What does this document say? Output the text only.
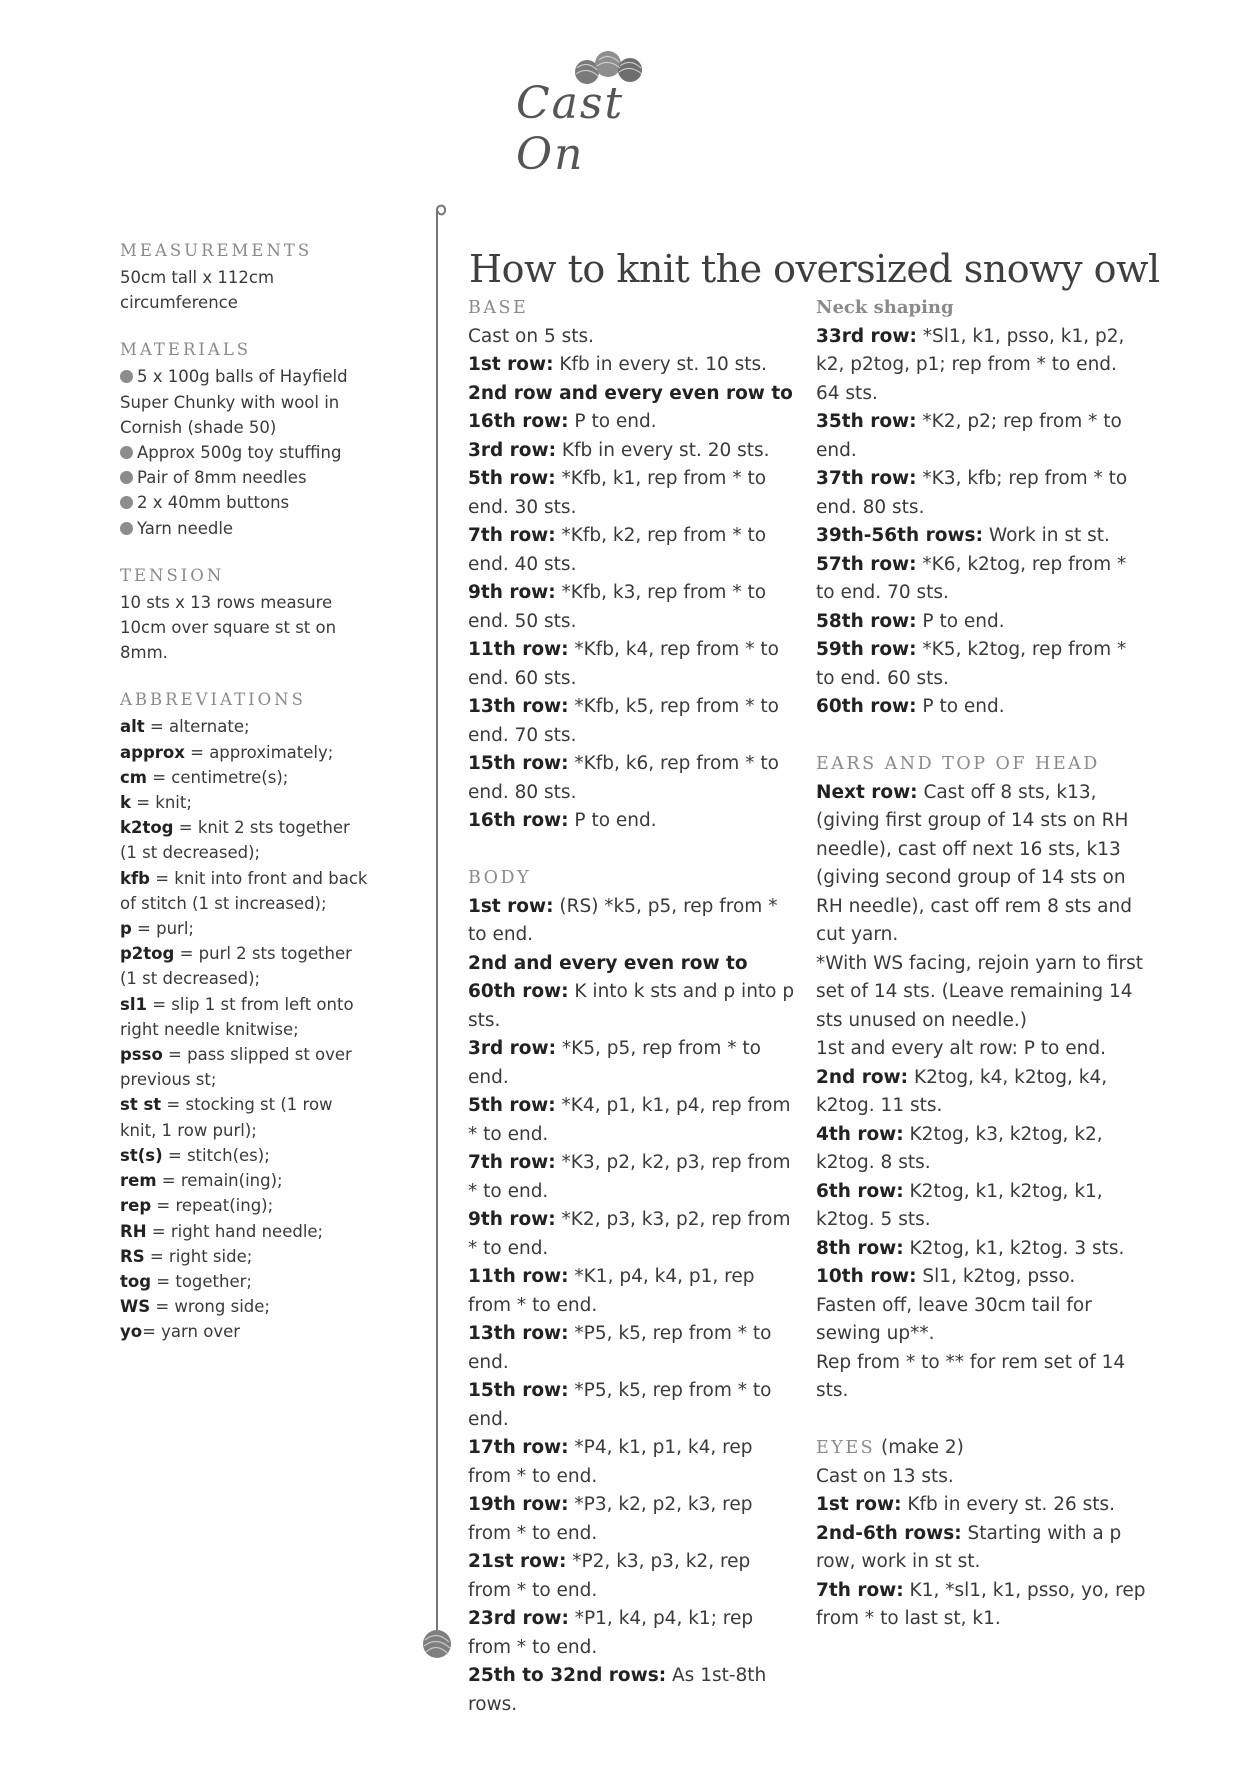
Cast On
MEASUREMENTS
50cm tall x 112cm circumference
MATERIALS
5 x 100g balls of Hayfield Super Chunky with wool in Cornish (shade 50)
Approx 500g toy stuffing
Pair of 8mm needles
2 x 40mm buttons
Yarn needle
TENSION
10 sts x 13 rows measure 10cm over square st st on 8mm.
ABBREVIATIONS
alt = alternate;
approx = approximately;
cm = centimetre(s);
k = knit;
k2tog = knit 2 sts together (1 st decreased);
kfb = knit into front and back of stitch (1 st increased);
p = purl;
p2tog = purl 2 sts together (1 st decreased);
sl1 = slip 1 st from left onto right needle knitwise;
psso = pass slipped st over previous st;
st st = stocking st (1 row knit, 1 row purl);
st(s) = stitch(es);
rem = remain(ing);
rep = repeat(ing);
RH = right hand needle;
RS = right side;
tog = together;
WS = wrong side;
yo= yarn over
How to knit the oversized snowy owl
BASE

Cast on 5 sts.

1st row: Kfb in every st. 10 sts.

2nd row and every even row to 16th row: P to end.

3rd row: Kfb in every st. 20 sts.

5th row: *Kfb, k1, rep from * to end. 30 sts.

7th row: *Kfb, k2, rep from * to end. 40 sts.

9th row: *Kfb, k3, rep from * to end. 50 sts.

11th row: *Kfb, k4, rep from * to end. 60 sts.

13th row: *Kfb, k5, rep from * to end. 70 sts.

15th row: *Kfb, k6, rep from * to end. 80 sts.

16th row: P to end.

BODY

1st row: (RS) *k5, p5, rep from * to end.

2nd and every even row to 60th row: K into k sts and p into p sts.

3rd row: *K5, p5, rep from * to end.

5th row: *K4, p1, k1, p4, rep from * to end.

7th row: *K3, p2, k2, p3, rep from * to end.

9th row: *K2, p3, k3, p2, rep from * to end.

11th row: *K1, p4, k4, p1, rep from * to end.

13th row: *P5, k5, rep from * to end.

15th row: *P5, k5, rep from * to end.

17th row: *P4, k1, p1, k4, rep from * to end.

19th row: *P3, k2, p2, k3, rep from * to end.

21st row: *P2, k3, p3, k2, rep from * to end.

23rd row: *P1, k4, p4, k1; rep from * to end.

25th to 32nd rows: As 1st-8th rows.

Neck shaping

33rd row: *Sl1, k1, psso, k1, p2, k2, p2tog, p1; rep from * to end. 64 sts.

35th row: *K2, p2; rep from * to end.

37th row: *K3, kfb; rep from * to end. 80 sts.

39th-56th rows: Work in st st.

57th row: *K6, k2tog, rep from * to end. 70 sts.

58th row: P to end.

59th row: *K5, k2tog, rep from * to end. 60 sts.

60th row: P to end.

EARS AND TOP OF HEAD

Next row: Cast off 8 sts, k13, (giving first group of 14 sts on RH needle), cast off next 16 sts, k13 (giving second group of 14 sts on RH needle), cast off rem 8 sts and cut yarn.

*With WS facing, rejoin yarn to first set of 14 sts. (Leave remaining 14 sts unused on needle.)

1st and every alt row: P to end.

2nd row: K2tog, k4, k2tog, k4, k2tog. 11 sts.

4th row: K2tog, k3, k2tog, k2, k2tog. 8 sts.

6th row: K2tog, k1, k2tog, k1, k2tog. 5 sts.

8th row: K2tog, k1, k2tog. 3 sts.

10th row: Sl1, k2tog, psso.

Fasten off, leave 30cm tail for sewing up**.

Rep from * to ** for rem set of 14 sts.

EYES (make 2)

Cast on 13 sts.

1st row: Kfb in every st. 26 sts.

2nd-6th rows: Starting with a p row, work in st st.

7th row: K1, *sl1, k1, psso, yo, rep from * to last st, k1.
